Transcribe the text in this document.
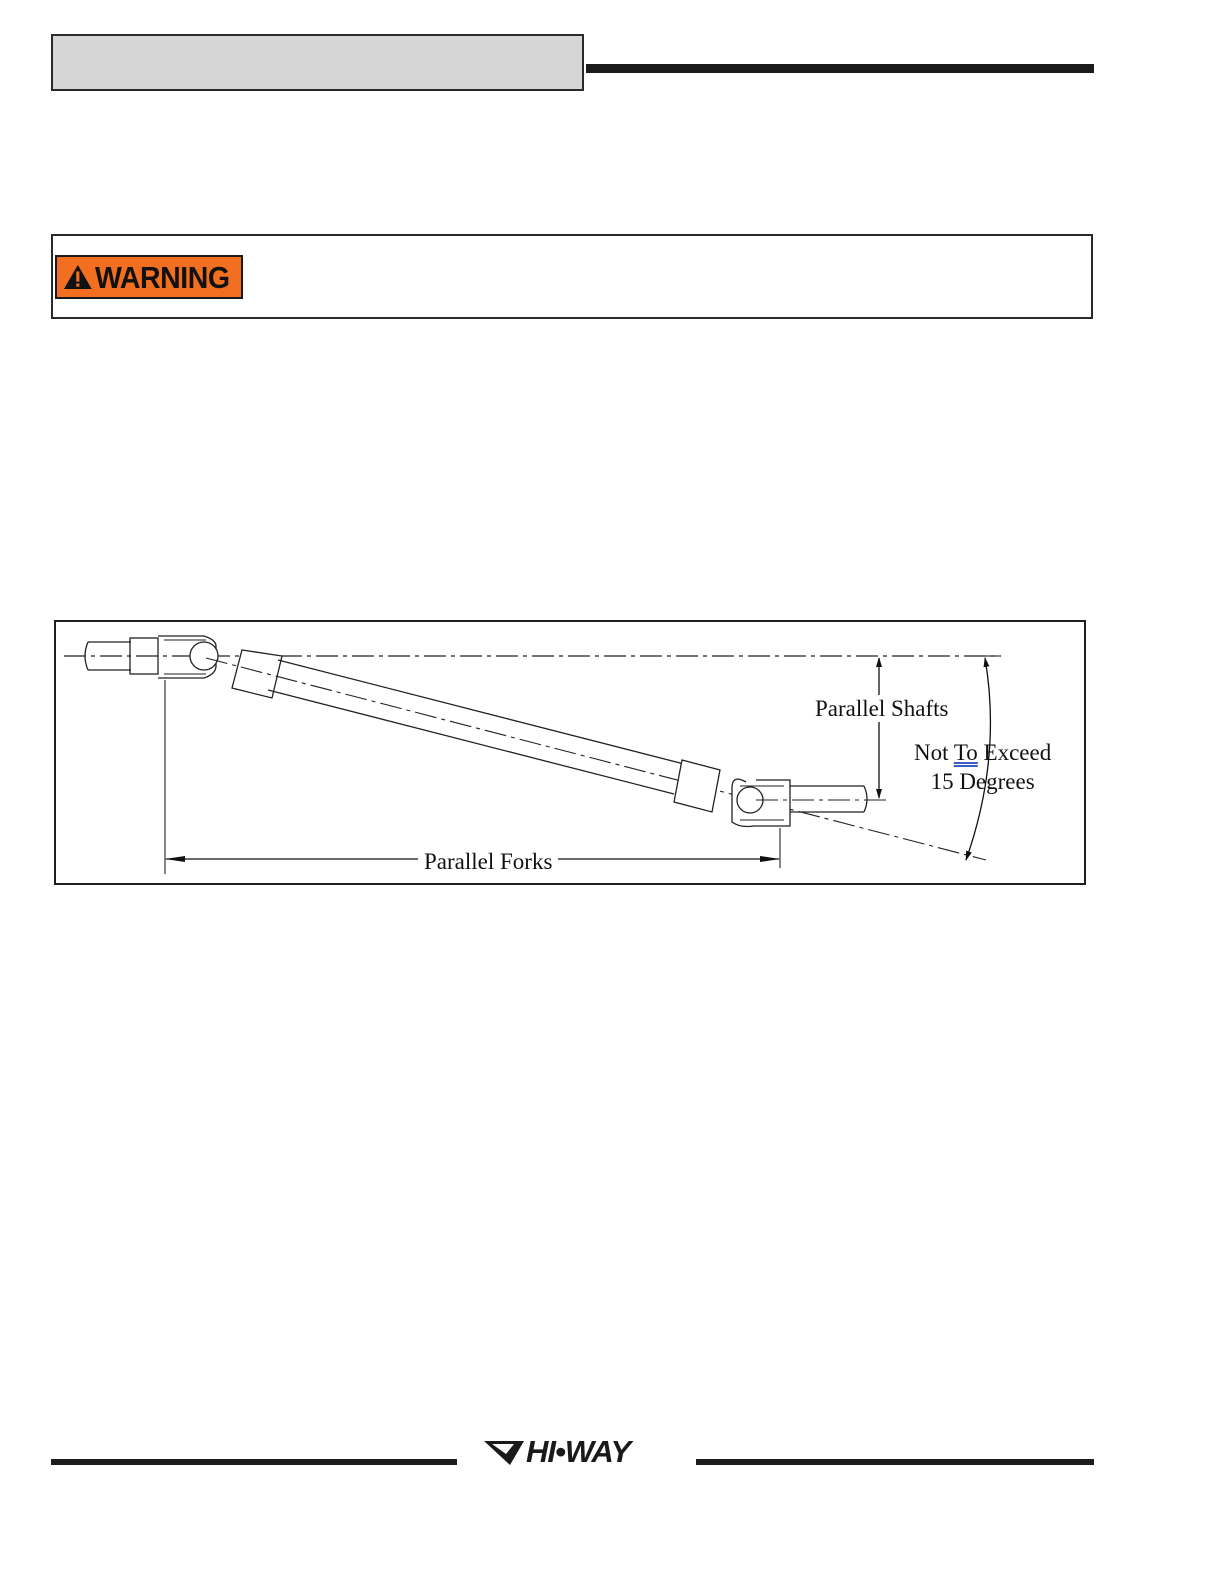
WARNING
Parallel Shafts
Parallel Forks
Not To Exceed
15 Degrees
HI•WAY
